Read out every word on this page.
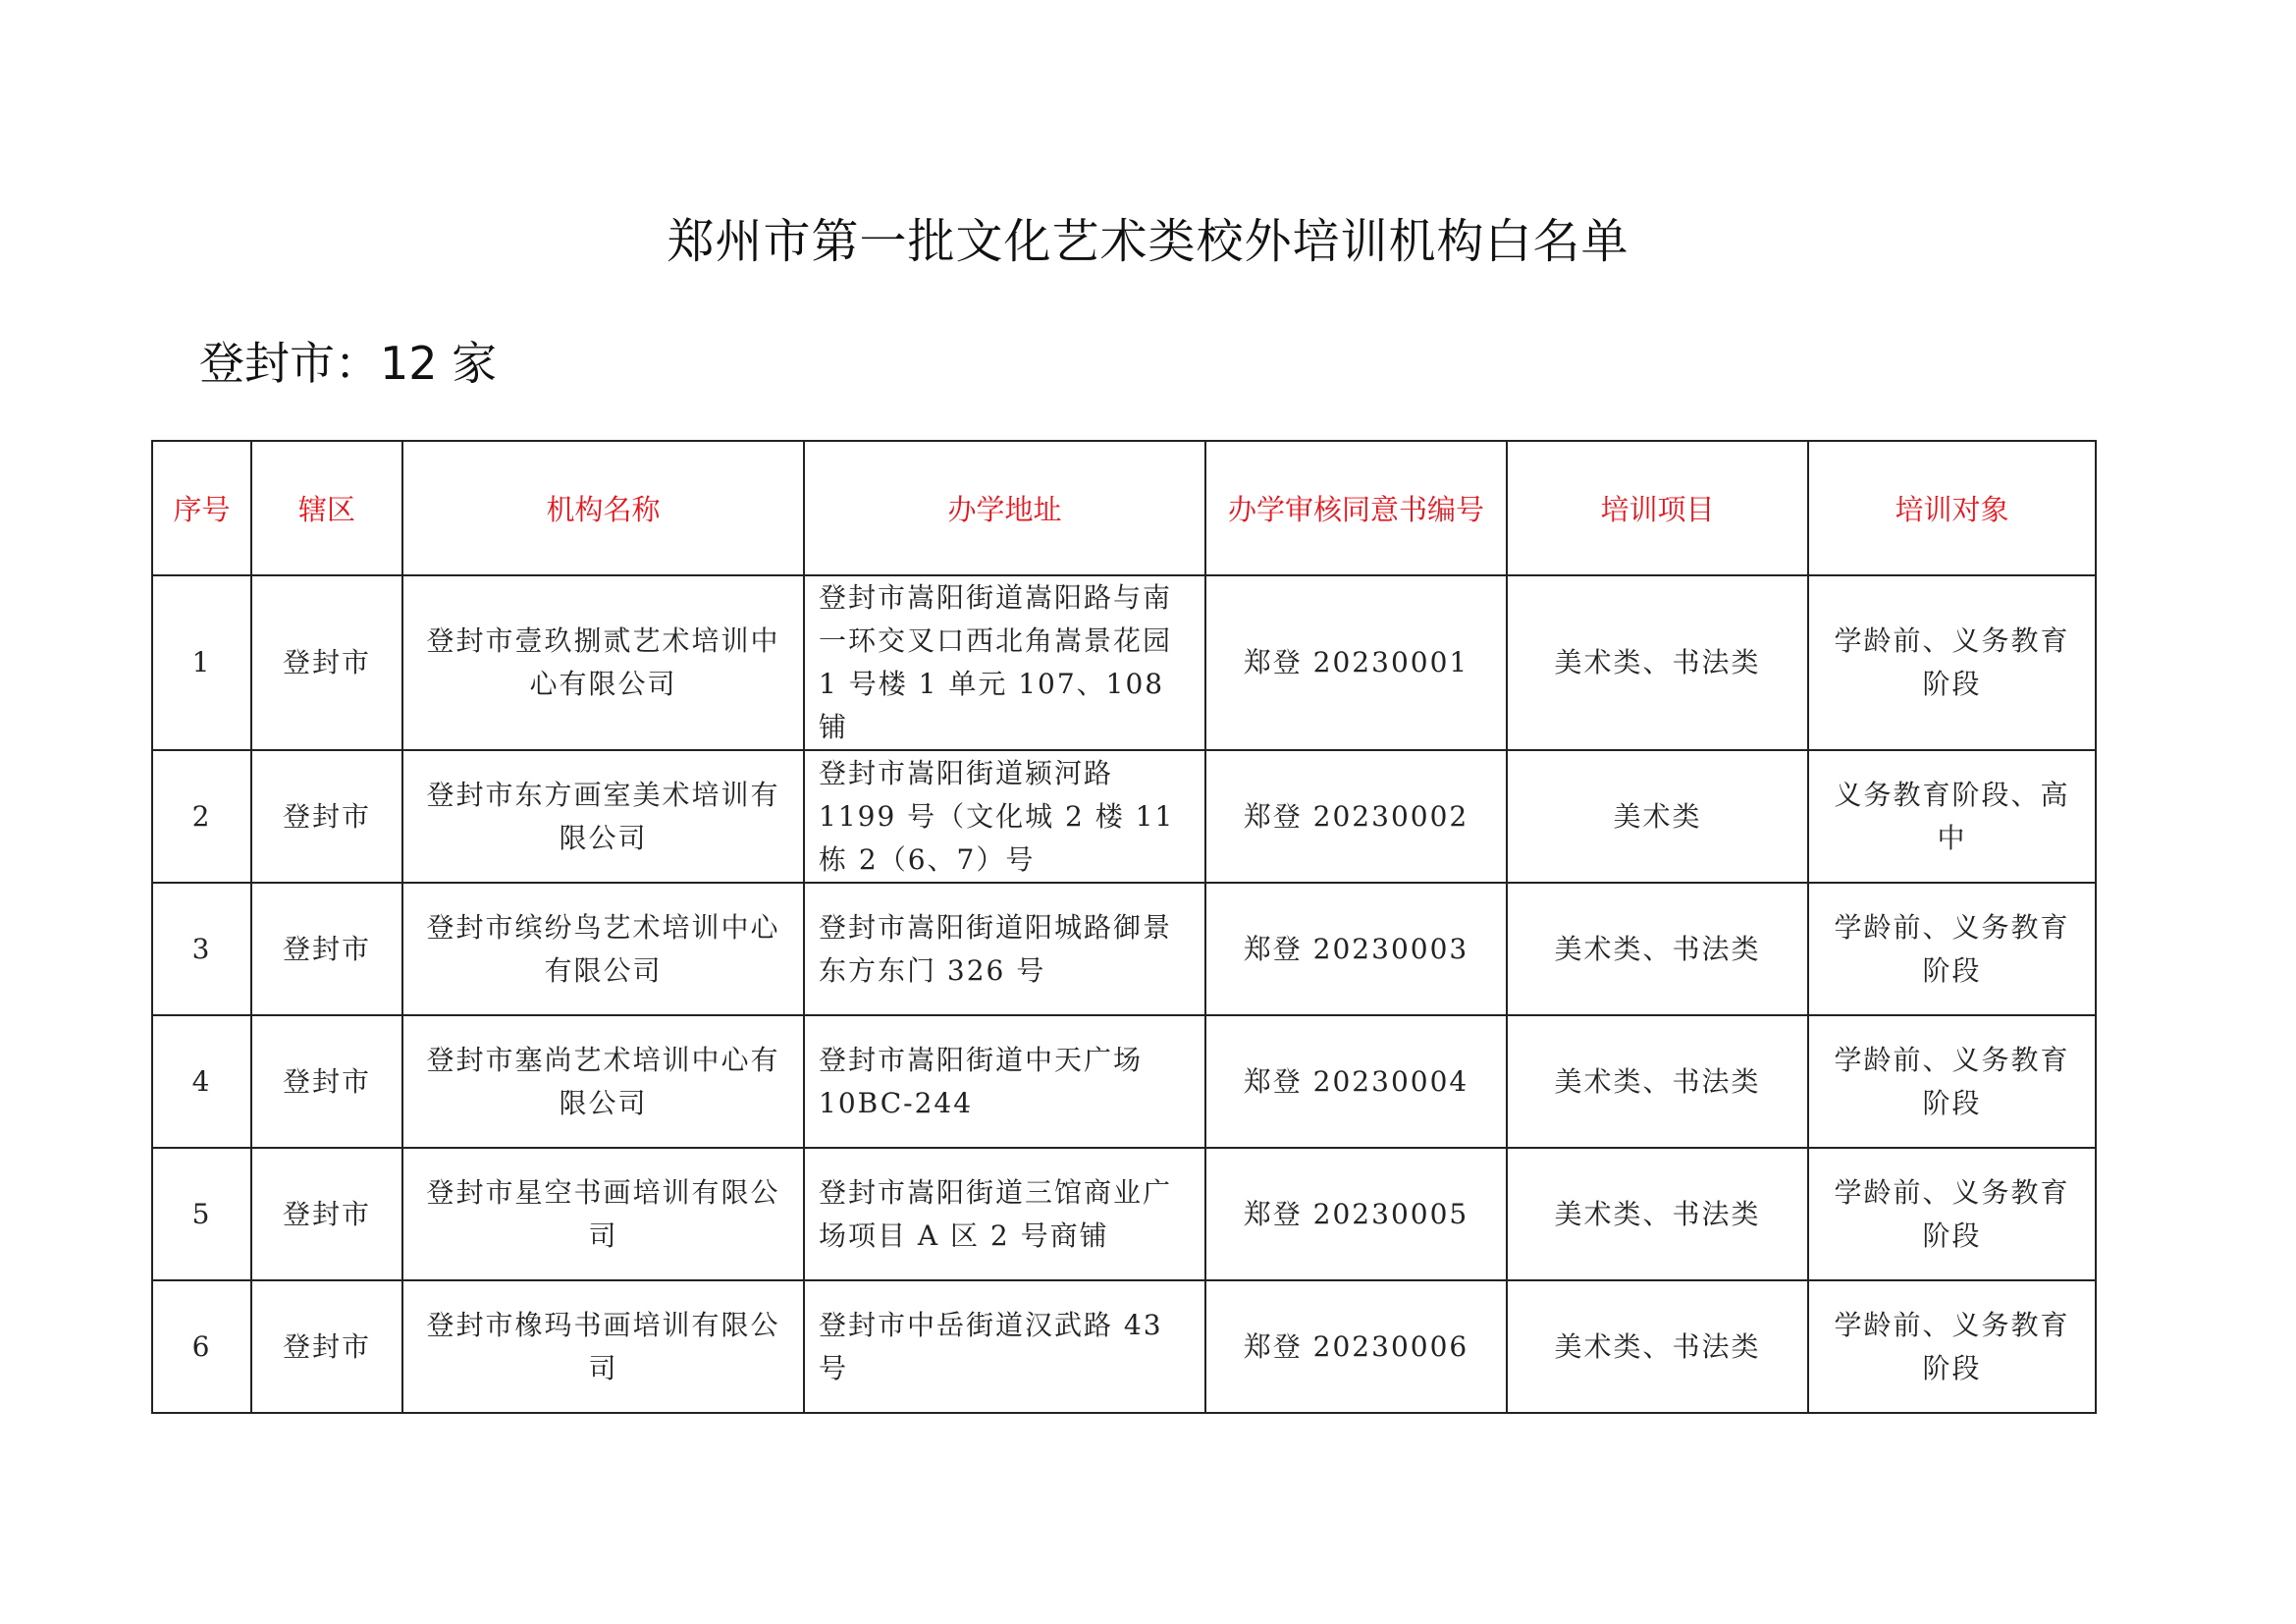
郑州市第一批文化艺术类校外培训机构白名单
登封市：12 家
序号	辖区	机构名称	办学地址	办学审核同意书编号	培训项目	培训对象
1	登封市	登封市壹玖捌贰艺术培训中心有限公司	登封市嵩阳街道嵩阳路与南一环交叉口西北角嵩景花园 1 号楼 1 单元 107、108 铺	郑登 20230001	美术类、书法类	学龄前、义务教育阶段
2	登封市	登封市东方画室美术培训有限公司	登封市嵩阳街道颍河路 1199 号（文化城 2 楼 11 栋 2（6、7）号	郑登 20230002	美术类	义务教育阶段、高中
3	登封市	登封市缤纷鸟艺术培训中心有限公司	登封市嵩阳街道阳城路御景东方东门 326 号	郑登 20230003	美术类、书法类	学龄前、义务教育阶段
4	登封市	登封市塞尚艺术培训中心有限公司	登封市嵩阳街道中天广场 10BC-244	郑登 20230004	美术类、书法类	学龄前、义务教育阶段
5	登封市	登封市星空书画培训有限公司	登封市嵩阳街道三馆商业广场项目 A 区 2 号商铺	郑登 20230005	美术类、书法类	学龄前、义务教育阶段
6	登封市	登封市橡玛书画培训有限公司	登封市中岳街道汉武路 43 号	郑登 20230006	美术类、书法类	学龄前、义务教育阶段
